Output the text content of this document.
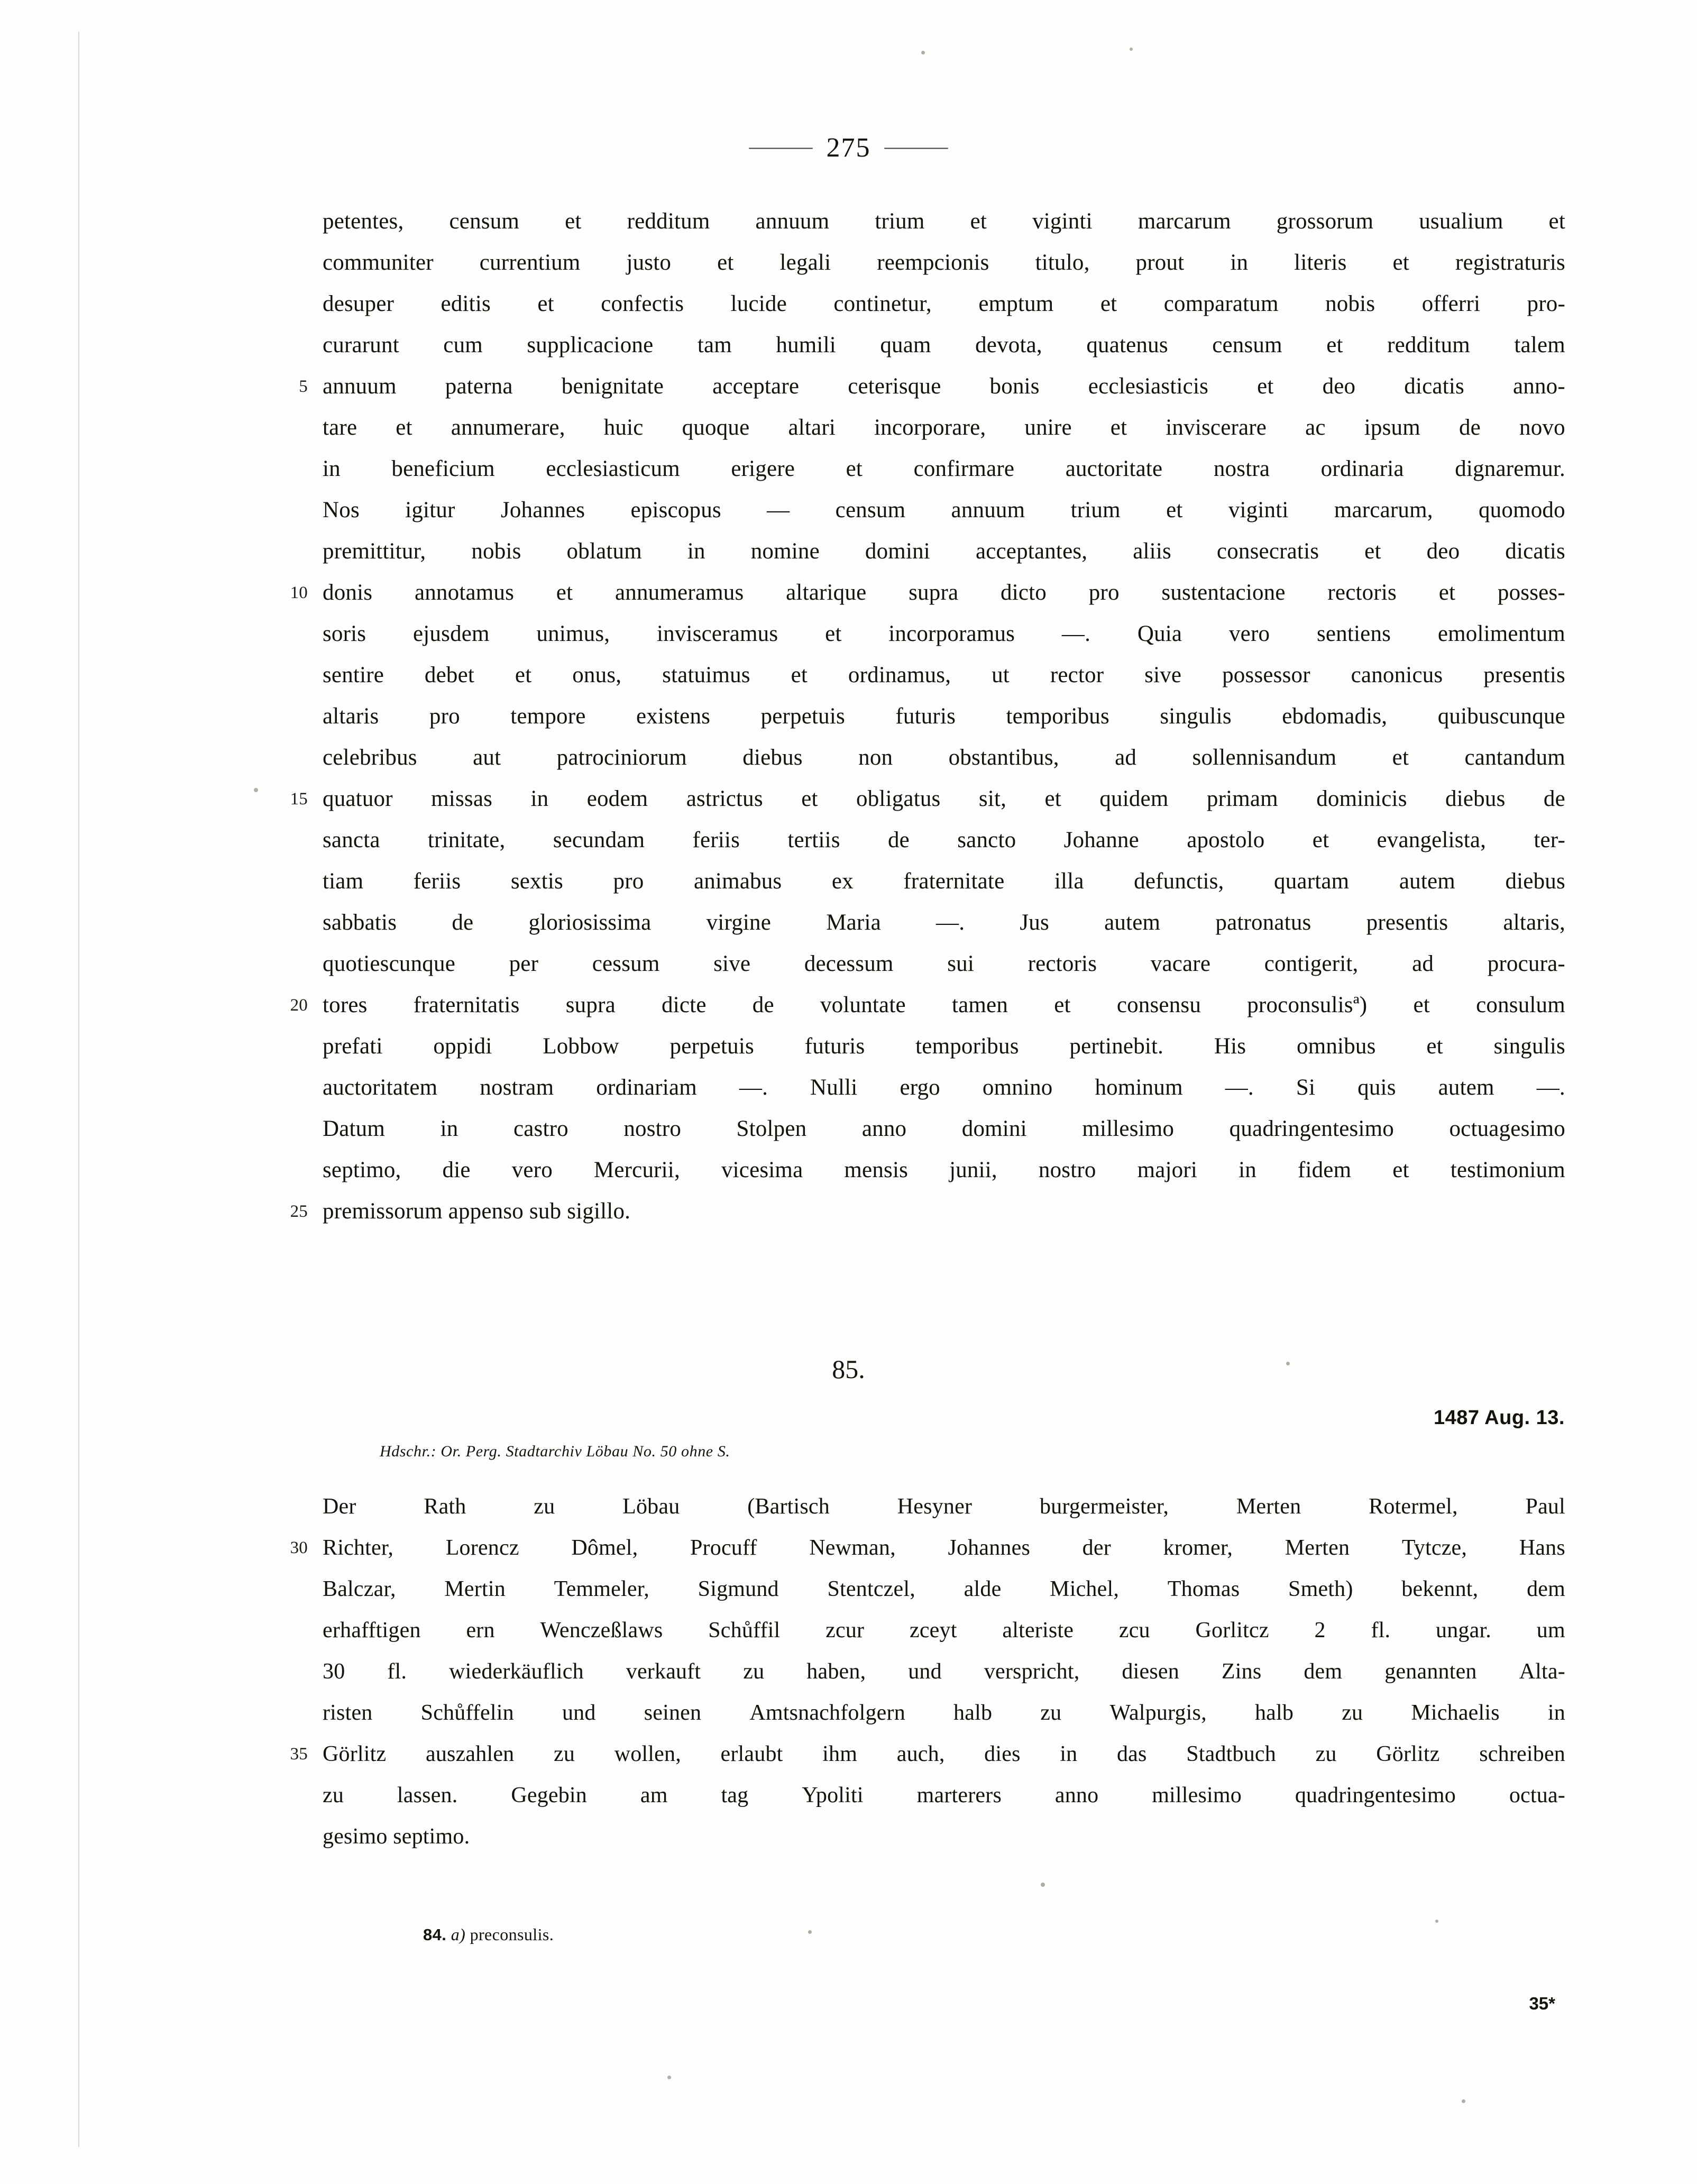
——— 275 ———
petentes, censum et redditum annuum trium et viginti marcarum grossorum usualium et
communiter currentium justo et legali reempcionis titulo, prout in literis et registraturis
desuper editis et confectis lucide continetur, emptum et comparatum nobis offerri pro-
curarunt cum supplicacione tam humili quam devota, quatenus censum et redditum talem
5 annuum paterna benignitate acceptare ceterisque bonis ecclesiasticis et deo dicatis anno-
tare et annumerare, huic quoque altari incorporare, unire et inviscerare ac ipsum de novo
in beneficium ecclesiasticum erigere et confirmare auctoritate nostra ordinaria dignaremur.
Nos igitur Johannes episcopus — censum annuum trium et viginti marcarum, quomodo
premittitur, nobis oblatum in nomine domini acceptantes, aliis consecratis et deo dicatis
10 donis annotamus et annumeramus altarique supra dicto pro sustentacione rectoris et posses-
soris ejusdem unimus, invisceramus et incorporamus —. Quia vero sentiens emolimentum
sentire debet et onus, statuimus et ordinamus, ut rector sive possessor canonicus presentis
altaris pro tempore existens perpetuis futuris temporibus singulis ebdomadis, quibuscunque
celebribus aut patrociniorum diebus non obstantibus, ad sollennisandum et cantandum
15 quatuor missas in eodem astrictus et obligatus sit, et quidem primam dominicis diebus de
sancta trinitate, secundam feriis tertiis de sancto Johanne apostolo et evangelista, ter-
tiam feriis sextis pro animabus ex fraternitate illa defunctis, quartam autem diebus
sabbatis de gloriosissima virgine Maria —. Jus autem patronatus presentis altaris,
quotiescunque per cessum sive decessum sui rectoris vacare contigerit, ad procura-
20 tores fraternitatis supra dicte de voluntate tamen et consensu proconsulisª) et consulum
prefati oppidi Lobbow perpetuis futuris temporibus pertinebit. His omnibus et singulis
auctoritatem nostram ordinariam —. Nulli ergo omnino hominum —. Si quis autem —.
Datum in castro nostro Stolpen anno domini millesimo quadringentesimo octuagesimo
septimo, die vero Mercurii, vicesima mensis junii, nostro majori in fidem et testimonium
25 premissorum appenso sub sigillo.
85.
1487 Aug. 13.
Hdschr.: Or. Perg. Stadtarchiv Löbau No. 50 ohne S.
Der	Rath	zu	Löbau	(Bartisch	Hesyner	burgermeister,	Merten	Rotermel,	Paul
30 Richter, Lorencz Dômel, Procuff Newman, Johannes der kromer, Merten Tytcze, Hans
Balczar, Mertin Temmeler, Sigmund Stentczel, alde Michel, Thomas Smeth) bekennt, dem
erhafftigen ern Wenczeßlaws Schůffil zcur zceyt alteriste zcu Gorlitcz 2 fl. ungar. um
30 fl. wiederkäuflich verkauft zu haben, und verspricht, diesen Zins dem genannten Alta-
risten Schůffelin und seinen Amtsnachfolgern halb zu Walpurgis, halb zu Michaelis in
35 Görlitz auszahlen zu wollen, erlaubt ihm auch, dies in das Stadtbuch zu Görlitz schreiben
zu lassen. Gegebin am tag Ypoliti marterers anno millesimo quadringentesimo octua-
gesimo septimo.
84. a) preconsulis.
35*
